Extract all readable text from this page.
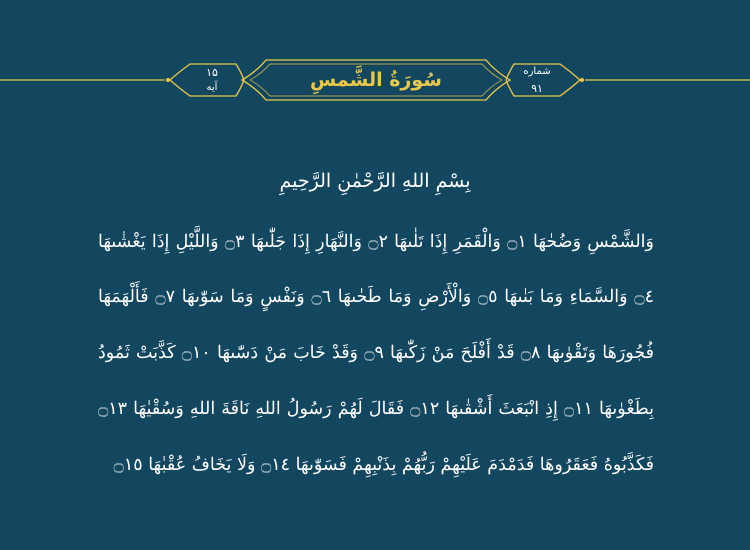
سُورَةُ الشَّمسِ	شماره
۹۱
۱۵
آیه
بِسْمِ اللهِ الرَّحْمٰنِ الرَّحِيمِ
وَالشَّمْسِ وَضُحٰهَا ۝١ وَالْقَمَرِ إِذَا تَلٰىهَا ۝٢ وَالنَّهَارِ إِذَا جَلّٰىهَا ۝٣ وَاللَّيْلِ إِذَا يَغْشٰىهَا
۝٤ وَالسَّمَاءِ وَمَا بَنٰىهَا ۝٥ وَالْأَرْضِ وَمَا طَحٰىهَا ۝٦ وَنَفْسٍ وَمَا سَوّٰىهَا ۝٧ فَأَلْهَمَهَا
فُجُورَهَا وَتَقْوٰىهَا ۝٨ قَدْ أَفْلَحَ مَنْ زَكّٰىهَا ۝٩ وَقَدْ خَابَ مَنْ دَسّٰىهَا ۝١٠ كَذَّبَتْ ثَمُودُ
بِطَغْوٰىهَا ۝١١ إِذِ انْبَعَثَ أَشْقٰىهَا ۝١٢ فَقَالَ لَهُمْ رَسُولُ اللهِ نَاقَةَ اللهِ وَسُقْيٰهَا ۝١٣
فَكَذَّبُوهُ فَعَقَرُوهَا فَدَمْدَمَ عَلَيْهِمْ رَبُّهُمْ بِذَنْبِهِمْ فَسَوّٰىهَا ۝١٤ وَلَا يَخَافُ عُقْبٰهَا ۝١٥
